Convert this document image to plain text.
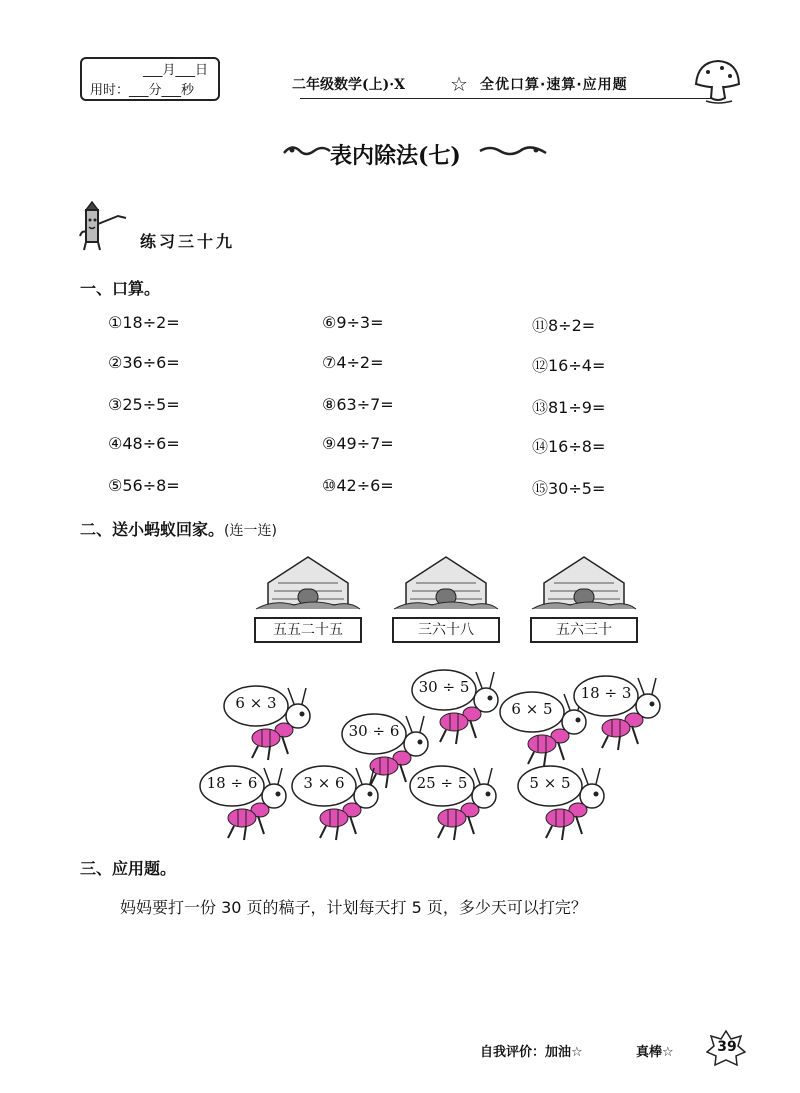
___月___日
用时：___分___秒	二年级数学(上)·X ☆ 全优口算·速算·应用题
表内除法(七)
练习三十九
一、口算。
①18÷2=	⑥9÷3=	⑪8÷2=
②36÷6=	⑦4÷2=	⑫16÷4=
③25÷5=	⑧63÷7=	⑬81÷9=
④48÷6=	⑨49÷7=	⑭16÷8=
⑤56÷8=	⑩42÷6=	⑮30÷5=
二、送小蚂蚁回家。(连一连)
五五二十五	三六十八	五六三十
6 × 3
30 ÷ 6
30 ÷ 5
6 × 5
18 ÷ 3
18 ÷ 6	3 × 6	25 ÷ 5	5 × 5
三、应用题。
妈妈要打一份 30 页的稿子，计划每天打 5 页，多少天可以打完？
自我评价：加油☆	真棒☆	39
